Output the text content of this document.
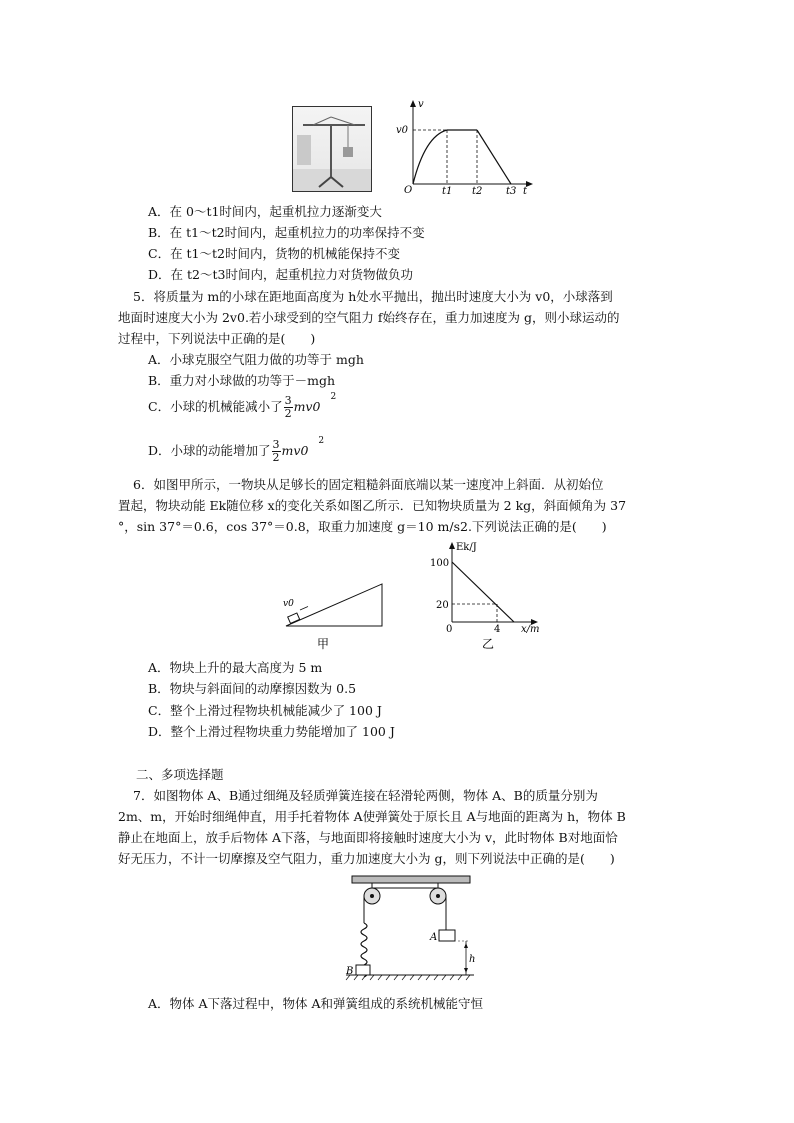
v
v0
O	t1 t2 t3 t
A．在 0～t1时间内，起重机拉力逐渐变大
B．在 t1～t2时间内，起重机拉力的功率保持不变
C．在 t1～t2时间内，货物的机械能保持不变
D．在 t2～t3时间内，起重机拉力对货物做负功
5．将质量为 m的小球在距地面高度为 h处水平抛出，抛出时速度大小为 v0，小球落到
地面时速度大小为 2v0.若小球受到的空气阻力 f始终存在，重力加速度为 g，则小球运动的
过程中，下列说法中正确的是(　　)
A．小球克服空气阻力做的功等于 mgh
B．重力对小球做的功等于－mgh
C．小球的机械能减小了 $\frac{3}{2} mv0^2$
D．小球的动能增加了 $\frac{3}{2} mv0^2$
6．如图甲所示，一物块从足够长的固定粗糙斜面底端以某一速度冲上斜面．从初始位
置起，物块动能 Ek随位移 x的变化关系如图乙所示．已知物块质量为 2 kg，斜面倾角为 37
°，sin 37°＝0.6，cos 37°＝0.8，取重力加速度 g＝10 m/s2.下列说法正确的是(　　)
v0
甲
Ek/J
100
20
0	4 x/m
乙
A．物块上升的最大高度为 5 m
B．物块与斜面间的动摩擦因数为 0.5
C．整个上滑过程物块机械能减少了 100 J
D．整个上滑过程物块重力势能增加了 100 J
二、多项选择题
7．如图物体 A、B通过细绳及轻质弹簧连接在轻滑轮两侧，物体 A、B的质量分别为
2m、m，开始时细绳伸直，用手托着物体 A使弹簧处于原长且 A与地面的距离为 h，物体 B
静止在地面上，放手后物体 A下落，与地面即将接触时速度大小为 v，此时物体 B对地面恰
好无压力，不计一切摩擦及空气阻力，重力加速度大小为 g，则下列说法中正确的是(　　)
A
B
h
A．物体 A下落过程中，物体 A和弹簧组成的系统机械能守恒
